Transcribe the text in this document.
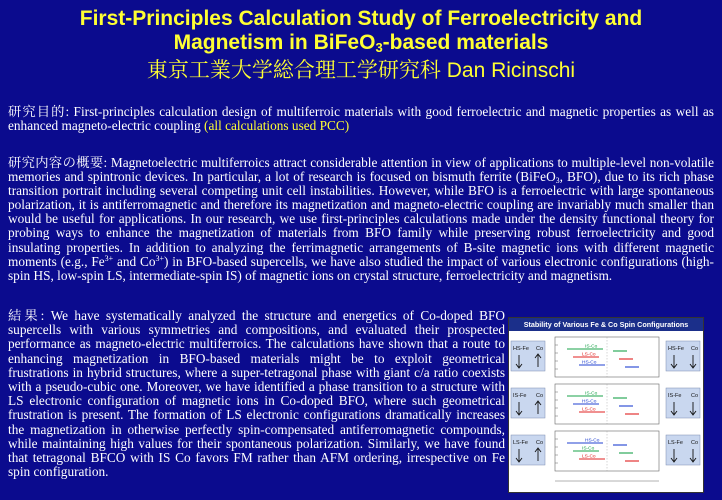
First-Principles Calculation Study of Ferroelectricity and
Magnetism in BiFeO$_3$-based materials
東京工業大学総合理工学研究科 Dan Ricinschi

研究目的: First-principles calculation design of multiferroic materials with good ferroelectric and magnetic properties as well as enhanced magneto-electric coupling (all calculations used PCC)

研究内容の概要: Magnetoelectric multiferroics attract considerable attention in view of applications to multiple-level non-volatile memories and spintronic devices. In particular, a lot of research is focused on bismuth ferrite (BiFeO$_3$, BFO), due to its rich phase transition portrait including several competing unit cell instabilities. However, while BFO is a ferroelectric with large spontaneous polarization, it is antiferromagnetic and therefore its magnetization and magneto-electric coupling are invariably much smaller than would be useful for applications. In our research, we use first-principles calculations made under the density functional theory for probing ways to enhance the magnetization of materials from BFO family while preserving robust ferroelectricity and good insulating properties. In addition to analyzing the ferrimagnetic arrangements of B-site magnetic ions with different magnetic moments (e.g., $Fe^{3+}$ and $Co^{3+}$) in BFO-based supercells, we have also studied the impact of various electronic configurations (high-spin HS, low-spin LS, intermediate-spin IS) of magnetic ions on crystal structure, ferroelectricity and magnetism.

結果: We have systematically analyzed the structure and energetics of Co-doped BFO supercells with various symmetries and compositions, and evaluated their prospected performance as magneto-electric multiferroics. The calculations have shown that a route to enhancing magnetization in BFO-based materials might be to exploit geometrical frustrations in hybrid structures, where a super-tetragonal phase with giant c/a ratio coexists with a pseudo-cubic one. Moreover, we have identified a phase transition to a structure with LS electronic configuration of magnetic ions in Co-doped BFO, where such geometrical frustration is present. The formation of LS electronic configurations dramatically increases the magnetization in otherwise perfectly spin-compensated antiferromagnetic compounds, while maintaining high values for their spontaneous polarization. Similarly, we have found that tetragonal BFCO with IS Co favors FM rather than AFM ordering, irrespective on Fe spin configuration.

Stability of Various Fe & Co Spin Configurations
HS-Fe Co	HS-Fe Co
IS-Co
LS-Co
HS-Co
IS-Fe Co	IS-Fe Co
IS-Co
HS-Co
LS-Co
LS-Fe Co	LS-Fe Co
HS-Co
IS-Co
LS-Co
